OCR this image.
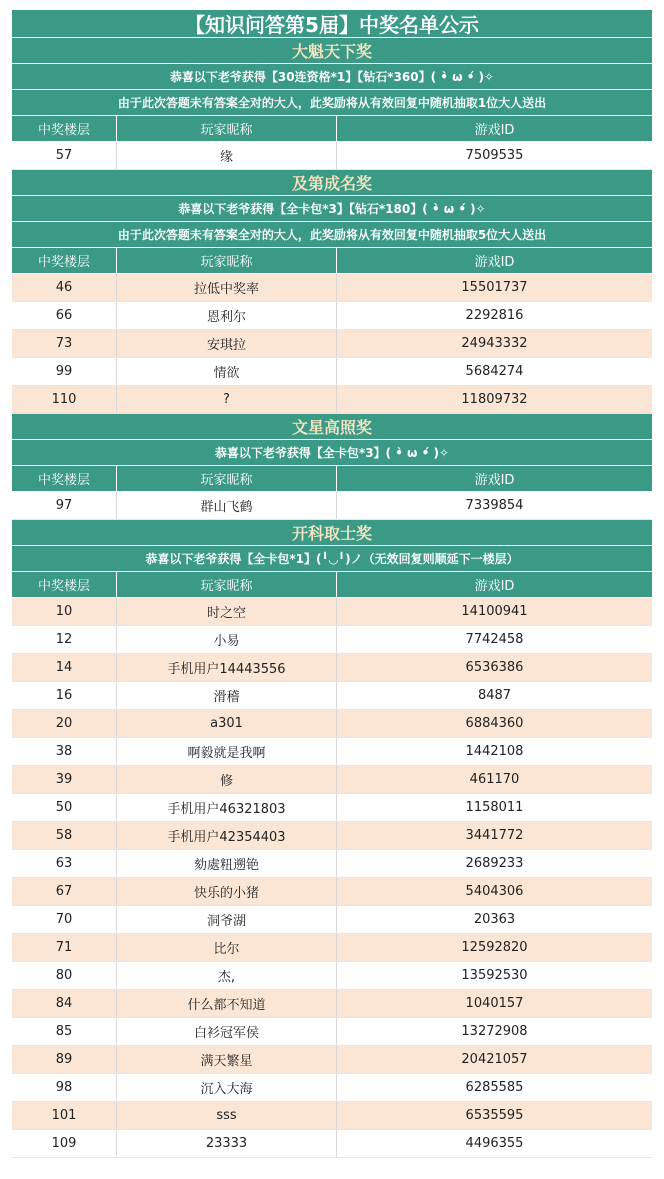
【知识问答第5届】中奖名单公示
大魁天下奖
恭喜以下老爷获得【30连资格*1】【钻石*360】( •̀ ω •́ )✧
由于此次答题未有答案全对的大人，此奖励将从有效回复中随机抽取1位大人送出
中奖楼层	玩家昵称	游戏ID
57	缘	7509535
及第成名奖
恭喜以下老爷获得【全卡包*3】【钻石*180】( •̀ ω •́ )✧
由于此次答题未有答案全对的大人，此奖励将从有效回复中随机抽取5位大人送出
中奖楼层	玩家昵称	游戏ID
46	拉低中奖率	15501737
66	恩利尔	2292816
73	安琪拉	24943332
99	情欲	5684274
110	?	11809732
文星高照奖
恭喜以下老爷获得【全卡包*3】( •̀ ω •́ )✧
中奖楼层	玩家昵称	游戏ID
97	群山飞鹤	7339854
开科取士奖
恭喜以下老爷获得【全卡包*1】(╹◡╹)ノ（无效回复则顺延下一楼层）
中奖楼层	玩家昵称	游戏ID
10	时之空	14100941
12	小易	7742458
14	手机用户14443556	6536386
16	滑稽	8487
20	a301	6884360
38	啊毅就是我啊	1442108
39	修	461170
50	手机用户46321803	1158011
58	手机用户42354403	3441772
63	劾處粈遡铯	2689233
67	快乐的小猪	5404306
70	洞爷湖	20363
71	比尔	12592820
80	杰,	13592530
84	什么都不知道	1040157
85	白衫冠军侯	13272908
89	满天繁星	20421057
98	沉入大海	6285585
101	sss	6535595
109	23333	4496355
